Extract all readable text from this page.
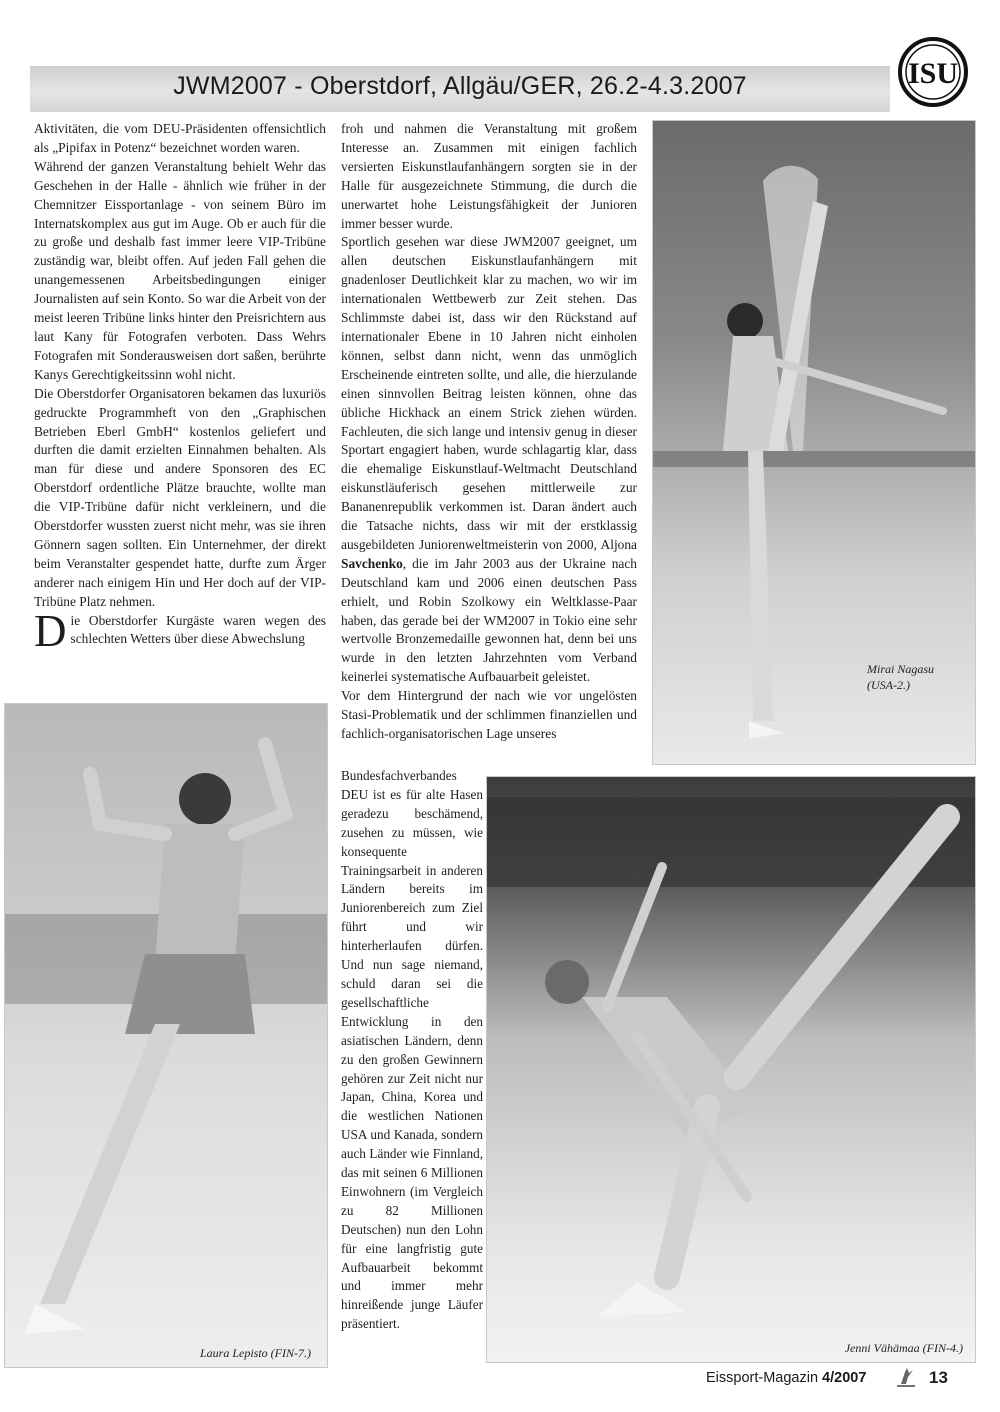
JWM2007 - Oberstdorf, Allgäu/GER, 26.2-4.3.2007	ISU

Aktivitäten, die vom DEU-Präsidenten offensichtlich als „Pipifax in Potenz“ bezeichnet worden waren.

Während der ganzen Veranstaltung behielt Wehr das Geschehen in der Halle - ähnlich wie früher in der Chemnitzer Eissportanlage - von seinem Büro im Internatskomplex aus gut im Auge. Ob er auch für die zu große und deshalb fast immer leere VIP-Tribüne zuständig war, bleibt offen. Auf jeden Fall gehen die unangemessenen Arbeitsbedingungen einiger Journalisten auf sein Konto. So war die Arbeit von der meist leeren Tribüne links hinter den Preisrichtern aus laut Kany für Fotografen verboten. Dass Wehrs Fotografen mit Sonderausweisen dort saßen, berührte Kanys Gerechtigkeitssinn wohl nicht.

Die Oberstdorfer Organisatoren bekamen das luxuriös gedruckte Programmheft von den „Graphischen Betrieben Eberl GmbH“ kostenlos geliefert und durften die damit erzielten Einnahmen behalten. Als man für diese und andere Sponsoren des EC Oberstdorf ordentliche Plätze brauchte, wollte man die VIP-Tribüne dafür nicht verkleinern, und die Oberstdorfer wussten zuerst nicht mehr, was sie ihren Gönnern sagen sollten. Ein Unternehmer, der direkt beim Veranstalter gespendet hatte, durfte zum Ärger anderer nach einigem Hin und Her doch auf der VIP-Tribüne Platz nehmen.

Die Oberstdorfer Kurgäste waren wegen des schlechten Wetters über diese Abwechslung

froh und nahmen die Veranstaltung mit großem Interesse an. Zusammen mit einigen fachlich versierten Eiskunstlaufanhängern sorgten sie in der Halle für ausgezeichnete Stimmung, die durch die unerwartet hohe Leistungsfähigkeit der Junioren immer besser wurde.

Sportlich gesehen war diese JWM2007 geeignet, um allen deutschen Eiskunstlaufanhängern mit gnadenloser Deutlichkeit klar zu machen, wo wir im internationalen Wettbewerb zur Zeit stehen. Das Schlimmste dabei ist, dass wir den Rückstand auf internationaler Ebene in 10 Jahren nicht einholen können, selbst dann nicht, wenn das unmöglich Erscheinende eintreten sollte, und alle, die hierzulande einen sinnvollen Beitrag leisten können, ohne das übliche Hickhack an einem Strick ziehen würden. Fachleuten, die sich lange und intensiv genug in dieser Sportart engagiert haben, wurde schlagartig klar, dass die ehemalige Eiskunstlauf-Weltmacht Deutschland eiskunstläuferisch gesehen mittlerweile zur Bananenrepublik verkommen ist. Daran ändert auch die Tatsache nichts, dass wir mit der erstklassig ausgebildeten Juniorenweltmeisterin von 2000, Aljona Savchenko, die im Jahr 2003 aus der Ukraine nach Deutschland kam und 2006 einen deutschen Pass erhielt, und Robin Szolkowy ein Weltklasse-Paar haben, das gerade bei der WM2007 in Tokio eine sehr wertvolle Bronzemedaille gewonnen hat, denn bei uns wurde in den letzten Jahrzehnten vom Verband keinerlei systematische Aufbauarbeit geleistet.

Vor dem Hintergrund der nach wie vor ungelösten Stasi-Problematik und der schlimmen finanziellen und fachlich-organisatorischen Lage unseres

Bundesfachverbandes DEU ist es für alte Hasen geradezu beschämend, zusehen zu müssen, wie konsequente Trainingsarbeit in anderen Ländern bereits im Juniorenbereich zum Ziel führt und wir hinterherlaufen dürfen. Und nun sage niemand, schuld daran sei die gesellschaftliche Entwicklung in den asiatischen Ländern, denn zu den großen Gewinnern gehören zur Zeit nicht nur Japan, China, Korea und die westlichen Nationen USA und Kanada, sondern auch Länder wie Finnland, das mit seinen 6 Millionen Einwohnern (im Vergleich zu 82 Millionen Deutschen) nun den Lohn für eine langfristig gute Aufbauarbeit bekommt und immer mehr hinreißende junge Läufer präsentiert.

Mirai Nagasu
(USA-2.)
Laura Lepisto (FIN-7.)	Jenni Vähämaa (FIN-4.)
Eissport-Magazin 4/2007	13
